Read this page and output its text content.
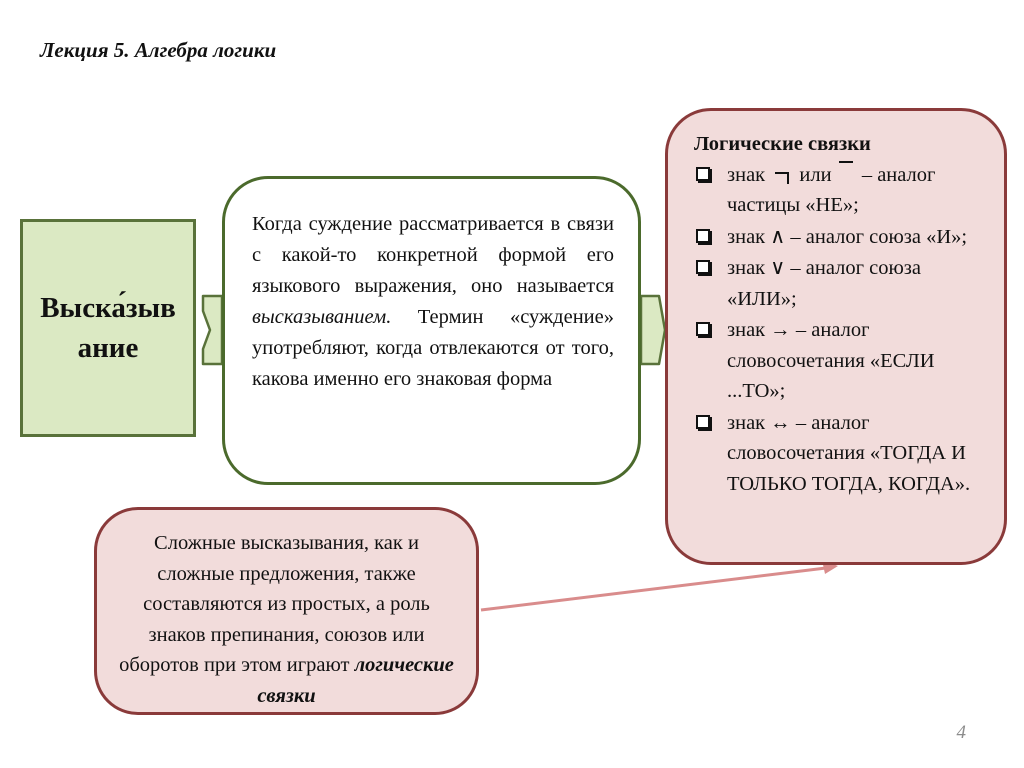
Лекция 5. Алгебра логики
Выска́зыв
ание
Когда суждение рассматривается в связи с какой-то конкретной формой его языкового выражения, оно называется высказыванием. Термин «суждение» употребляют, когда отвлекаются от того, какова именно его знаковая форма
Логические связки
знак или – аналог частицы «НЕ»;
знак ∧ – аналог союза «И»;
знак ∨ – аналог союза «ИЛИ»;
знак → – аналог словосочетания «ЕСЛИ ...ТО»;
знак ↔ – аналог словосочетания «ТОГДА И ТОЛЬКО ТОГДА, КОГДА».
Сложные высказывания, как и сложные предложения, также составляются из простых, а роль знаков препинания, союзов или оборотов при этом играют логические связки
4
